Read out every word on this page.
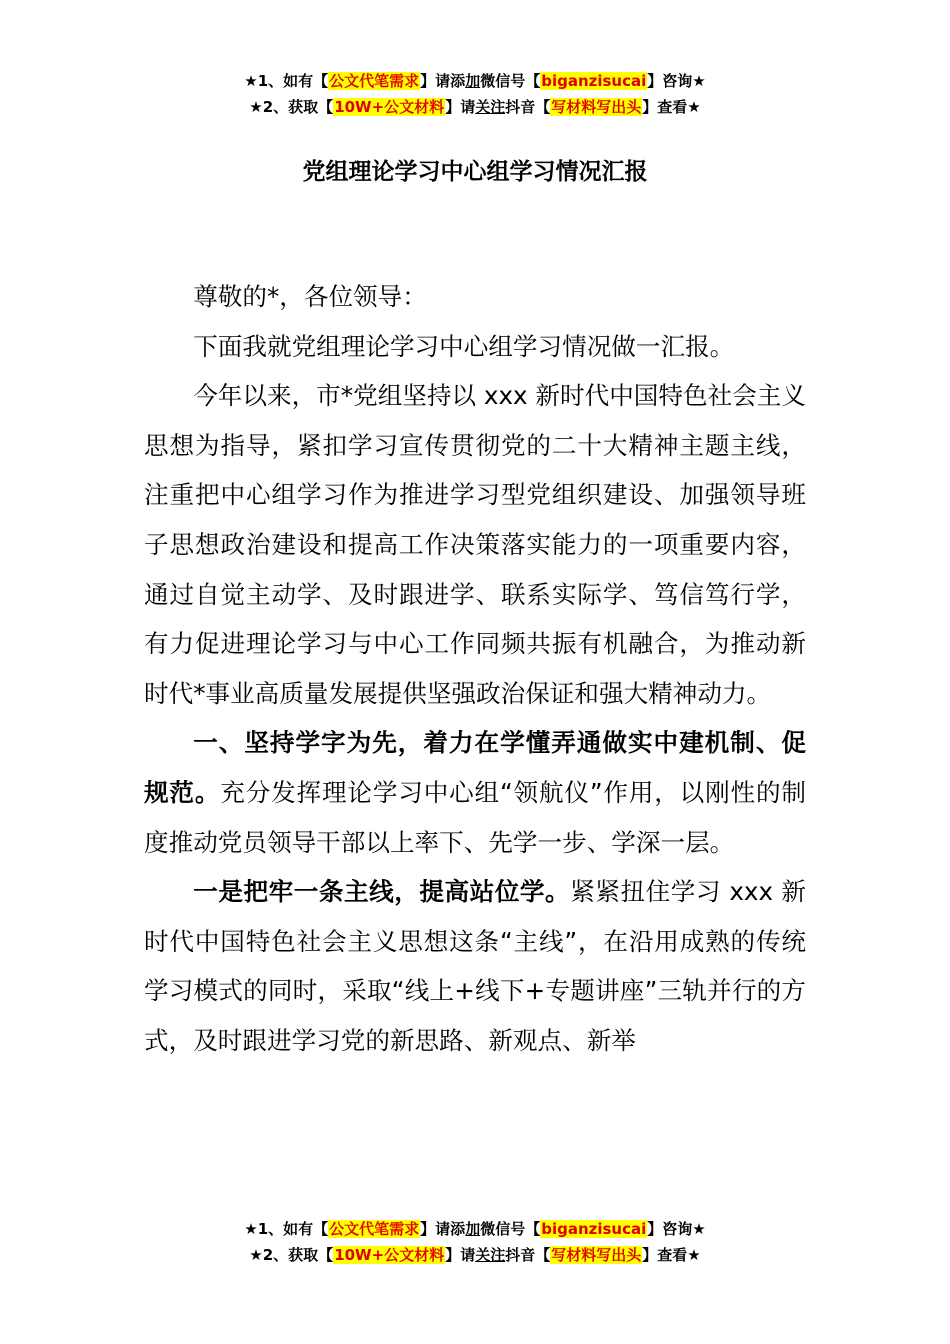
★1、如有【公文代笔需求】请添加微信号【biganzisucai】咨询★
★2、获取【10W+公文材料】请关注抖音【写材料写出头】查看★
党组理论学习中心组学习情况汇报

尊敬的*，各位领导：

下面我就党组理论学习中心组学习情况做一汇报。

今年以来，市*党组坚持以 xxx 新时代中国特色社会主义思想为指导，紧扣学习宣传贯彻党的二十大精神主题主线，注重把中心组学习作为推进学习型党组织建设、加强领导班子思想政治建设和提高工作决策落实能力的一项重要内容，通过自觉主动学、及时跟进学、联系实际学、笃信笃行学，有力促进理论学习与中心工作同频共振有机融合，为推动新时代*事业高质量发展提供坚强政治保证和强大精神动力。

一、坚持学字为先，着力在学懂弄通做实中建机制、促规范。充分发挥理论学习中心组“领航仪”作用，以刚性的制度推动党员领导干部以上率下、先学一步、学深一层。

一是把牢一条主线，提高站位学。紧紧扭住学习 xxx 新时代中国特色社会主义思想这条“主线”，在沿用成熟的传统学习模式的同时，采取“线上+线下+专题讲座”三轨并行的方式，及时跟进学习党的新思路、新观点、新举

★1、如有【公文代笔需求】请添加微信号【biganzisucai】咨询★
★2、获取【10W+公文材料】请关注抖音【写材料写出头】查看★
